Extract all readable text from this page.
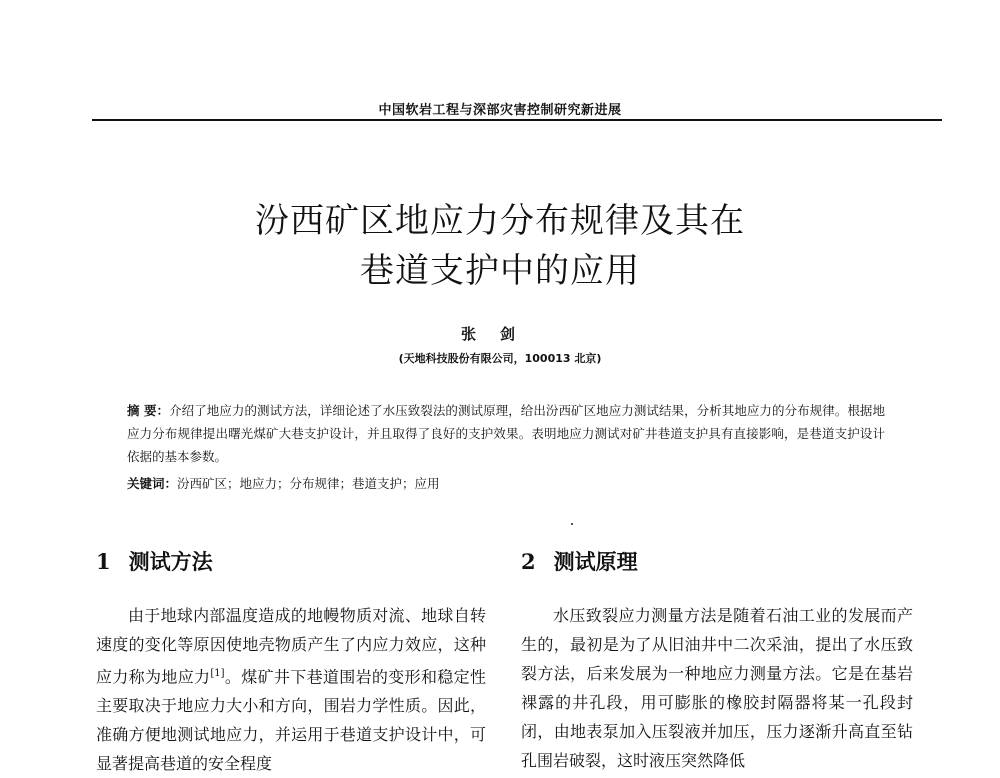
中国软岩工程与深部灾害控制研究新进展
汾西矿区地应力分布规律及其在
巷道支护中的应用
张剑
(天地科技股份有限公司，100013 北京)
摘 要：介绍了地应力的测试方法，详细论述了水压致裂法的测试原理，给出汾西矿区地应力测试结果，分析其地应力的分布规律。根据地应力分布规律提出曙光煤矿大巷支护设计，并且取得了良好的支护效果。表明地应力测试对矿井巷道支护具有直接影响，是巷道支护设计依据的基本参数。
关键词：汾西矿区；地应力；分布规律；巷道支护；应用
1 测试方法	2 测试原理
由于地球内部温度造成的地幔物质对流、地球自转速度的变化等原因使地壳物质产生了内应力效应，这种应力称为地应力[1]。煤矿井下巷道围岩的变形和稳定性主要取决于地应力大小和方向，围岩力学性质。因此，准确方便地测试地应力，并运用于巷道支护设计中，可显著提高巷道的安全程度
水压致裂应力测量方法是随着石油工业的发展而产生的，最初是为了从旧油井中二次采油，提出了水压致裂方法，后来发展为一种地应力测量方法。它是在基岩裸露的井孔段，用可膨胀的橡胶封隔器将某一孔段封闭，由地表泵加入压裂液并加压，压力逐渐升高直至钻孔围岩破裂，这时液压突然降低
